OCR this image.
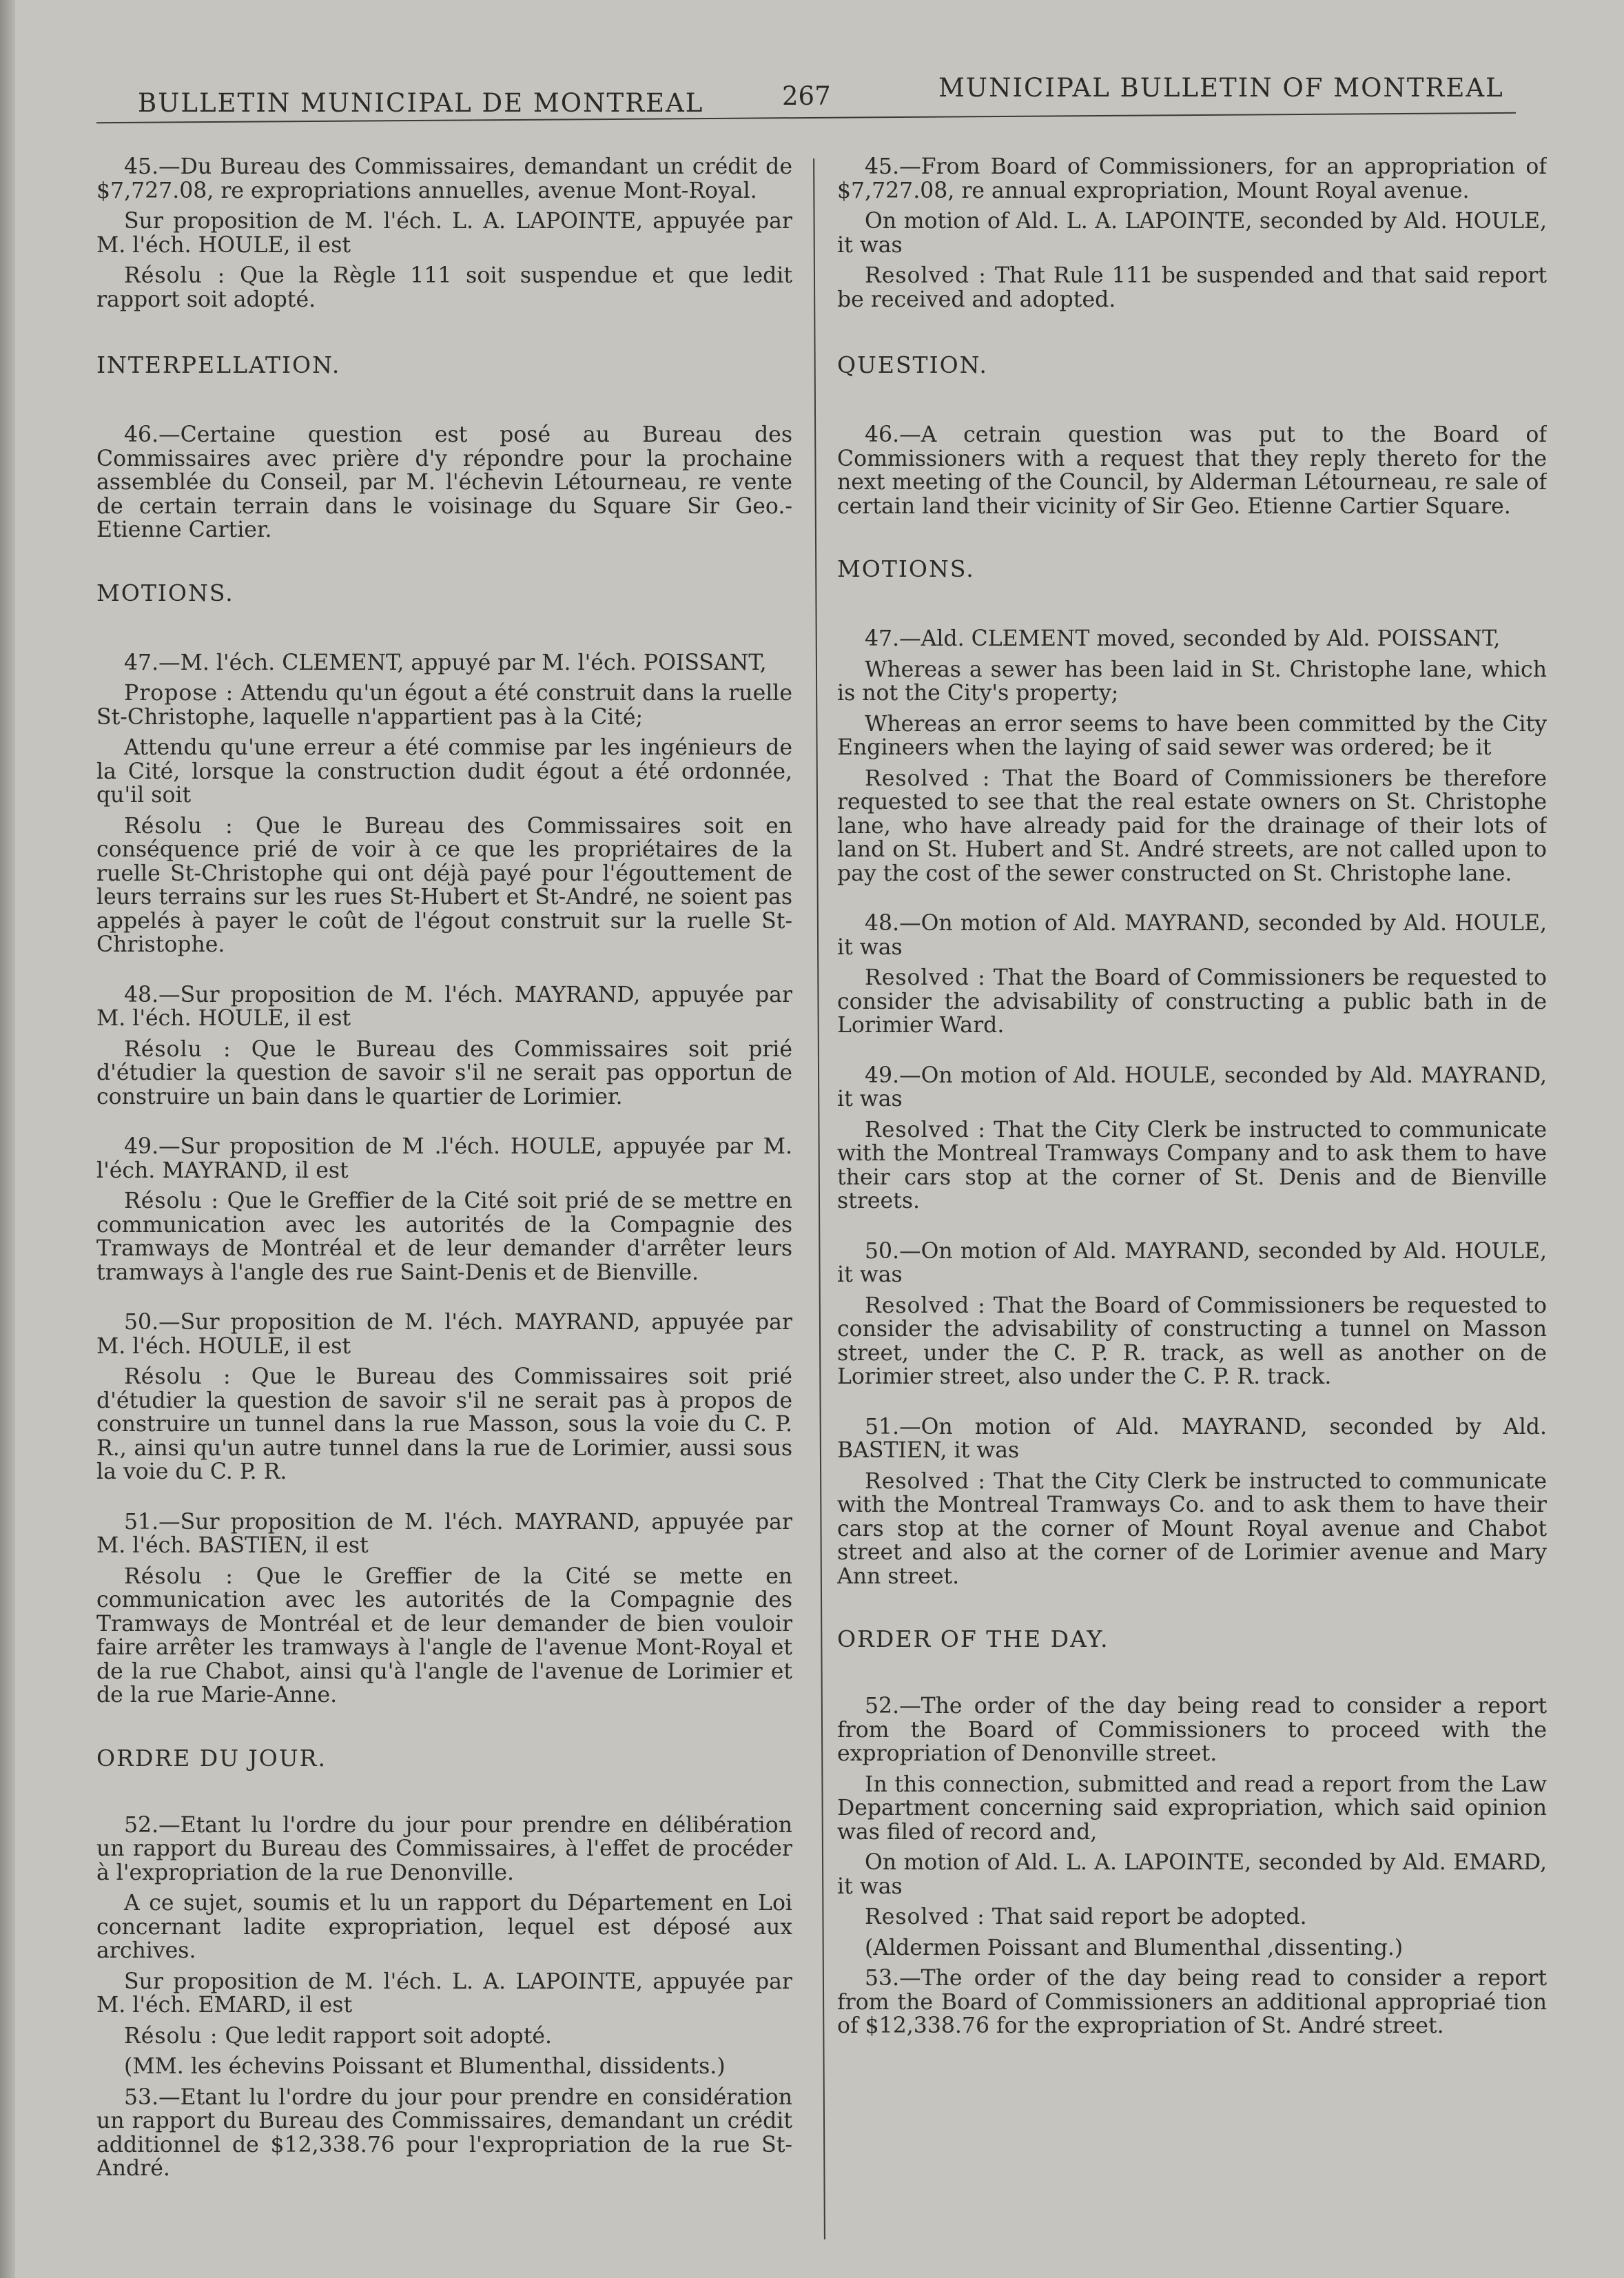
BULLETIN MUNICIPAL DE MONTREAL	267	MUNICIPAL BULLETIN OF MONTREAL

45.—Du Bureau des Commissaires, demandant un crédit de $7,727.08, re expropriations annuelles, avenue Mont-Royal.

Sur proposition de M. l'éch. L. A. LAPOINTE, appuyée par M. l'éch. HOULE, il est

Résolu : Que la Règle 111 soit suspendue et que ledit rapport soit adopté.

INTERPELLATION.

46.—Certaine question est posé au Bureau des Commissaires avec prière d'y répondre pour la prochaine assemblée du Conseil, par M. l'échevin Létourneau, re vente de certain terrain dans le voisinage du Square Sir Geo.-Etienne Cartier.

MOTIONS.

47.—M. l'éch. CLEMENT, appuyé par M. l'éch. POISSANT,

Propose : Attendu qu'un égout a été construit dans la ruelle St-Christophe, laquelle n'appartient pas à la Cité;

Attendu qu'une erreur a été commise par les ingénieurs de la Cité, lorsque la construction dudit égout a été ordonnée, qu'il soit

Résolu : Que le Bureau des Commissaires soit en conséquence prié de voir à ce que les propriétaires de la ruelle St-Christophe qui ont déjà payé pour l'égouttement de leurs terrains sur les rues St-Hubert et St-André, ne soient pas appelés à payer le coût de l'égout construit sur la ruelle St-Christophe.

48.—Sur proposition de M. l'éch. MAYRAND, appuyée par M. l'éch. HOULE, il est

Résolu : Que le Bureau des Commissaires soit prié d'étudier la question de savoir s'il ne serait pas opportun de construire un bain dans le quartier de Lorimier.

49.—Sur proposition de M .l'éch. HOULE, appuyée par M. l'éch. MAYRAND, il est

Résolu : Que le Greffier de la Cité soit prié de se mettre en communication avec les autorités de la Compagnie des Tramways de Montréal et de leur demander d'arrêter leurs tramways à l'angle des rue Saint-Denis et de Bienville.

50.—Sur proposition de M. l'éch. MAYRAND, appuyée par M. l'éch. HOULE, il est

Résolu : Que le Bureau des Commissaires soit prié d'étudier la question de savoir s'il ne serait pas à propos de construire un tunnel dans la rue Masson, sous la voie du C. P. R., ainsi qu'un autre tunnel dans la rue de Lorimier, aussi sous la voie du C. P. R.

51.—Sur proposition de M. l'éch. MAYRAND, appuyée par M. l'éch. BASTIEN, il est

Résolu : Que le Greffier de la Cité se mette en communication avec les autorités de la Compagnie des Tramways de Montréal et de leur demander de bien vouloir faire arrêter les tramways à l'angle de l'avenue Mont-Royal et de la rue Chabot, ainsi qu'à l'angle de l'avenue de Lorimier et de la rue Marie-Anne.

ORDRE DU JOUR.

52.—Etant lu l'ordre du jour pour prendre en délibération un rapport du Bureau des Commissaires, à l'effet de procéder à l'expropriation de la rue Denonville.

A ce sujet, soumis et lu un rapport du Département en Loi concernant ladite expropriation, lequel est déposé aux archives.

Sur proposition de M. l'éch. L. A. LAPOINTE, appuyée par M. l'éch. EMARD, il est

Résolu : Que ledit rapport soit adopté.

(MM. les échevins Poissant et Blumenthal, dissidents.)

53.—Etant lu l'ordre du jour pour prendre en considération un rapport du Bureau des Commissaires, demandant un crédit additionnel de $12,338.76 pour l'expropriation de la rue St-André.

45.—From Board of Commissioners, for an appropriation of $7,727.08, re annual expropriation, Mount Royal avenue.

On motion of Ald. L. A. LAPOINTE, seconded by Ald. HOULE, it was

Resolved : That Rule 111 be suspended and that said report be received and adopted.

QUESTION.

46.—A cetrain question was put to the Board of Commissioners with a request that they reply thereto for the next meeting of the Council, by Alderman Létourneau, re sale of certain land their vicinity of Sir Geo. Etienne Cartier Square.

MOTIONS.

47.—Ald. CLEMENT moved, seconded by Ald. POISSANT,

Whereas a sewer has been laid in St. Christophe lane, which is not the City's property;

Whereas an error seems to have been committed by the City Engineers when the laying of said sewer was ordered; be it

Resolved : That the Board of Commissioners be therefore requested to see that the real estate owners on St. Christophe lane, who have already paid for the drainage of their lots of land on St. Hubert and St. André streets, are not called upon to pay the cost of the sewer constructed on St. Christophe lane.

48.—On motion of Ald. MAYRAND, seconded by Ald. HOULE, it was

Resolved : That the Board of Commissioners be requested to consider the advisability of constructing a public bath in de Lorimier Ward.

49.—On motion of Ald. HOULE, seconded by Ald. MAYRAND, it was

Resolved : That the City Clerk be instructed to communicate with the Montreal Tramways Company and to ask them to have their cars stop at the corner of St. Denis and de Bienville streets.

50.—On motion of Ald. MAYRAND, seconded by Ald. HOULE, it was

Resolved : That the Board of Commissioners be requested to consider the advisability of constructing a tunnel on Masson street, under the C. P. R. track, as well as another on de Lorimier street, also under the C. P. R. track.

51.—On motion of Ald. MAYRAND, seconded by Ald. BASTIEN, it was

Resolved : That the City Clerk be instructed to communicate with the Montreal Tramways Co. and to ask them to have their cars stop at the corner of Mount Royal avenue and Chabot street and also at the corner of de Lorimier avenue and Mary Ann street.

ORDER OF THE DAY.

52.—The order of the day being read to consider a report from the Board of Commissioners to proceed with the expropriation of Denonville street.

In this connection, submitted and read a report from the Law Department concerning said expropriation, which said opinion was filed of record and,

On motion of Ald. L. A. LAPOINTE, seconded by Ald. EMARD, it was

Resolved : That said report be adopted.

(Aldermen Poissant and Blumenthal ,dissenting.)

53.—The order of the day being read to consider a report from the Board of Commissioners an additional appropriaé tion of $12,338.76 for the expropriation of St. André street.
